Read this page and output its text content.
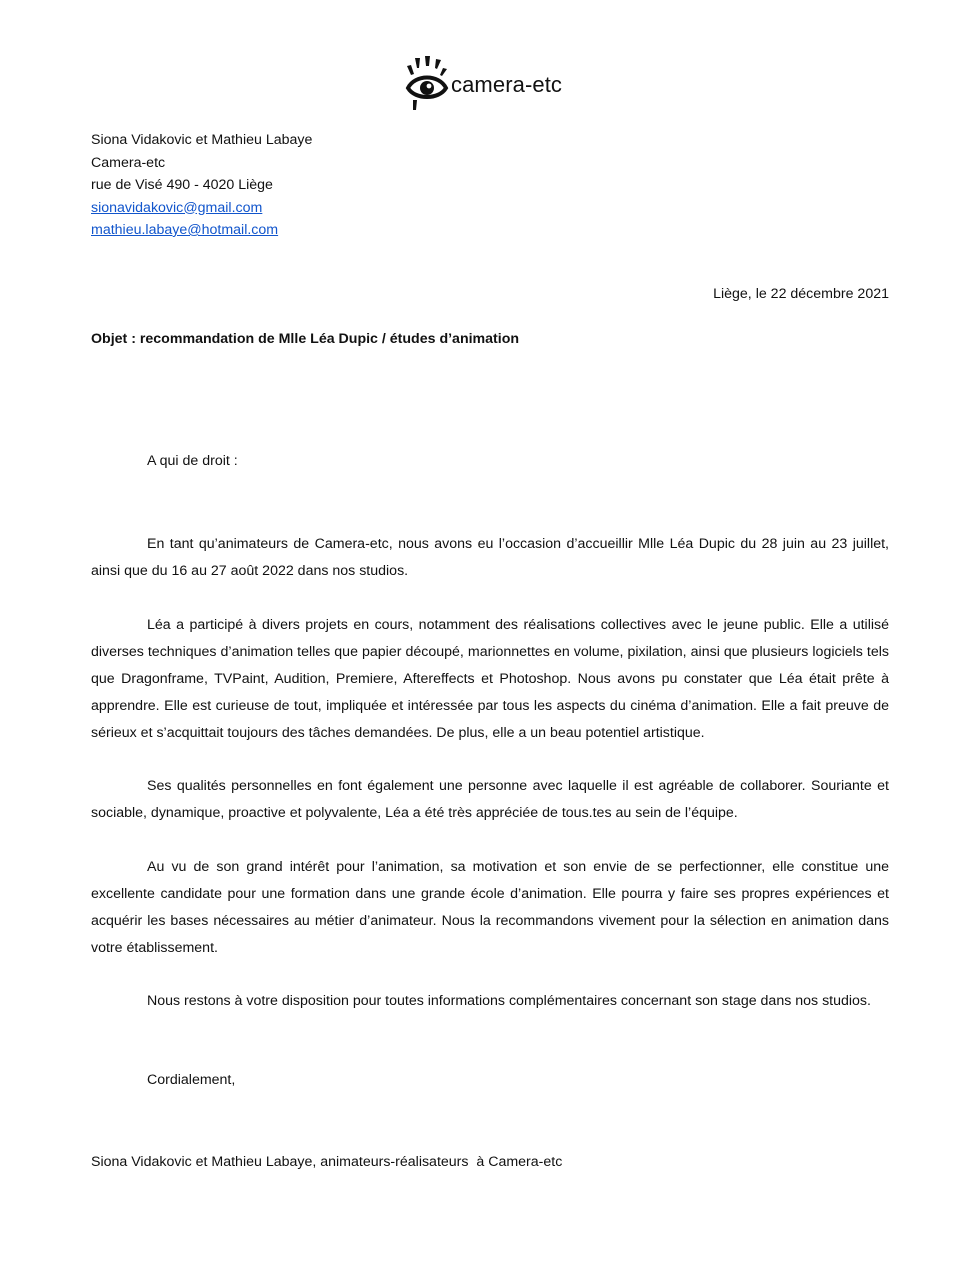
camera-etc
Siona Vidakovic et Mathieu Labaye
Camera-etc
rue de Visé 490 - 4020 Liège
sionavidakovic@gmail.com
mathieu.labaye@hotmail.com
Liège, le 22 décembre 2021
Objet : recommandation de Mlle Léa Dupic / études d’animation
A qui de droit :
En tant qu’animateurs de Camera-etc, nous avons eu l’occasion d’accueillir Mlle Léa Dupic du 28 juin au 23 juillet, ainsi que du 16 au 27 août 2022 dans nos studios.
Léa a participé à divers projets en cours, notamment des réalisations collectives avec le jeune public. Elle a utilisé diverses techniques d’animation telles que papier découpé, marionnettes en volume, pixilation, ainsi que plusieurs logiciels tels que Dragonframe, TVPaint, Audition, Premiere, Aftereffects et Photoshop. Nous avons pu constater que Léa était prête à apprendre. Elle est curieuse de tout, impliquée et intéressée par tous les aspects du cinéma d’animation. Elle a fait preuve de sérieux et s’acquittait toujours des tâches demandées. De plus, elle a un beau potentiel artistique.
Ses qualités personnelles en font également une personne avec laquelle il est agréable de collaborer. Souriante et sociable, dynamique, proactive et polyvalente, Léa a été très appréciée de tous.tes au sein de l’équipe.
Au vu de son grand intérêt pour l’animation, sa motivation et son envie de se perfectionner, elle constitue une excellente candidate pour une formation dans une grande école d’animation. Elle pourra y faire ses propres expériences et acquérir les bases nécessaires au métier d’animateur. Nous la recommandons vivement pour la sélection en animation dans votre établissement.
Nous restons à votre disposition pour toutes informations complémentaires concernant son stage dans nos studios.
Cordialement,
Siona Vidakovic et Mathieu Labaye, animateurs-réalisateurs  à Camera-etc
